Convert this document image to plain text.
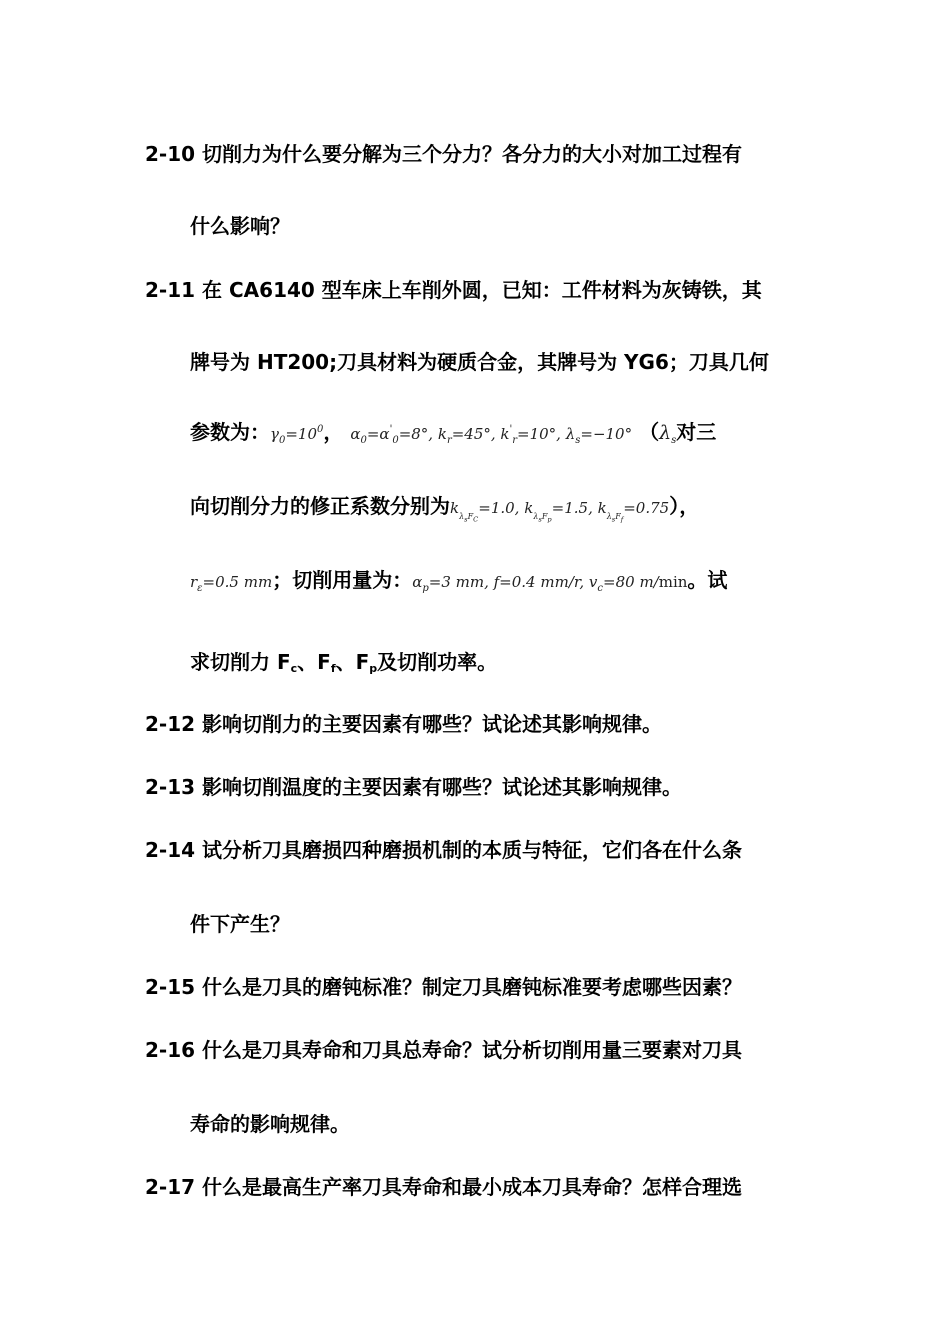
2-10 切削力为什么要分解为三个分力？各分力的大小对加工过程有
什么影响？
2-11 在 CA6140 型车床上车削外圆，已知：工件材料为灰铸铁，其
牌号为 HT200;刀具材料为硬质合金，其牌号为 YG6；刀具几何
参数为：$\gamma_0=10^0$， $\alpha_0=\alpha'_0=8^\circ$, $k_r=45^\circ$, $k'_r=10^\circ$, $\lambda_s=-10^\circ$ （$\lambda_s$对三
向切削分力的修正系数分别为$k_{\lambda_sF_C}=1.0$, $k_{\lambda_sF_p}=1.5$, $k_{\lambda_sF_f}=0.75$），
$r_\varepsilon=0.5$ mm；切削用量为：$\alpha_p=3$ mm, f=0.4 mm/r, $v_c=80$ m/min。试
求切削力 Fc、Ff、Fp及切削功率。
2-12 影响切削力的主要因素有哪些？试论述其影响规律。
2-13 影响切削温度的主要因素有哪些？试论述其影响规律。
2-14 试分析刀具磨损四种磨损机制的本质与特征，它们各在什么条
件下产生？
2-15 什么是刀具的磨钝标准？制定刀具磨钝标准要考虑哪些因素？
2-16 什么是刀具寿命和刀具总寿命？试分析切削用量三要素对刀具
寿命的影响规律。
2-17 什么是最高生产率刀具寿命和最小成本刀具寿命？怎样合理选
